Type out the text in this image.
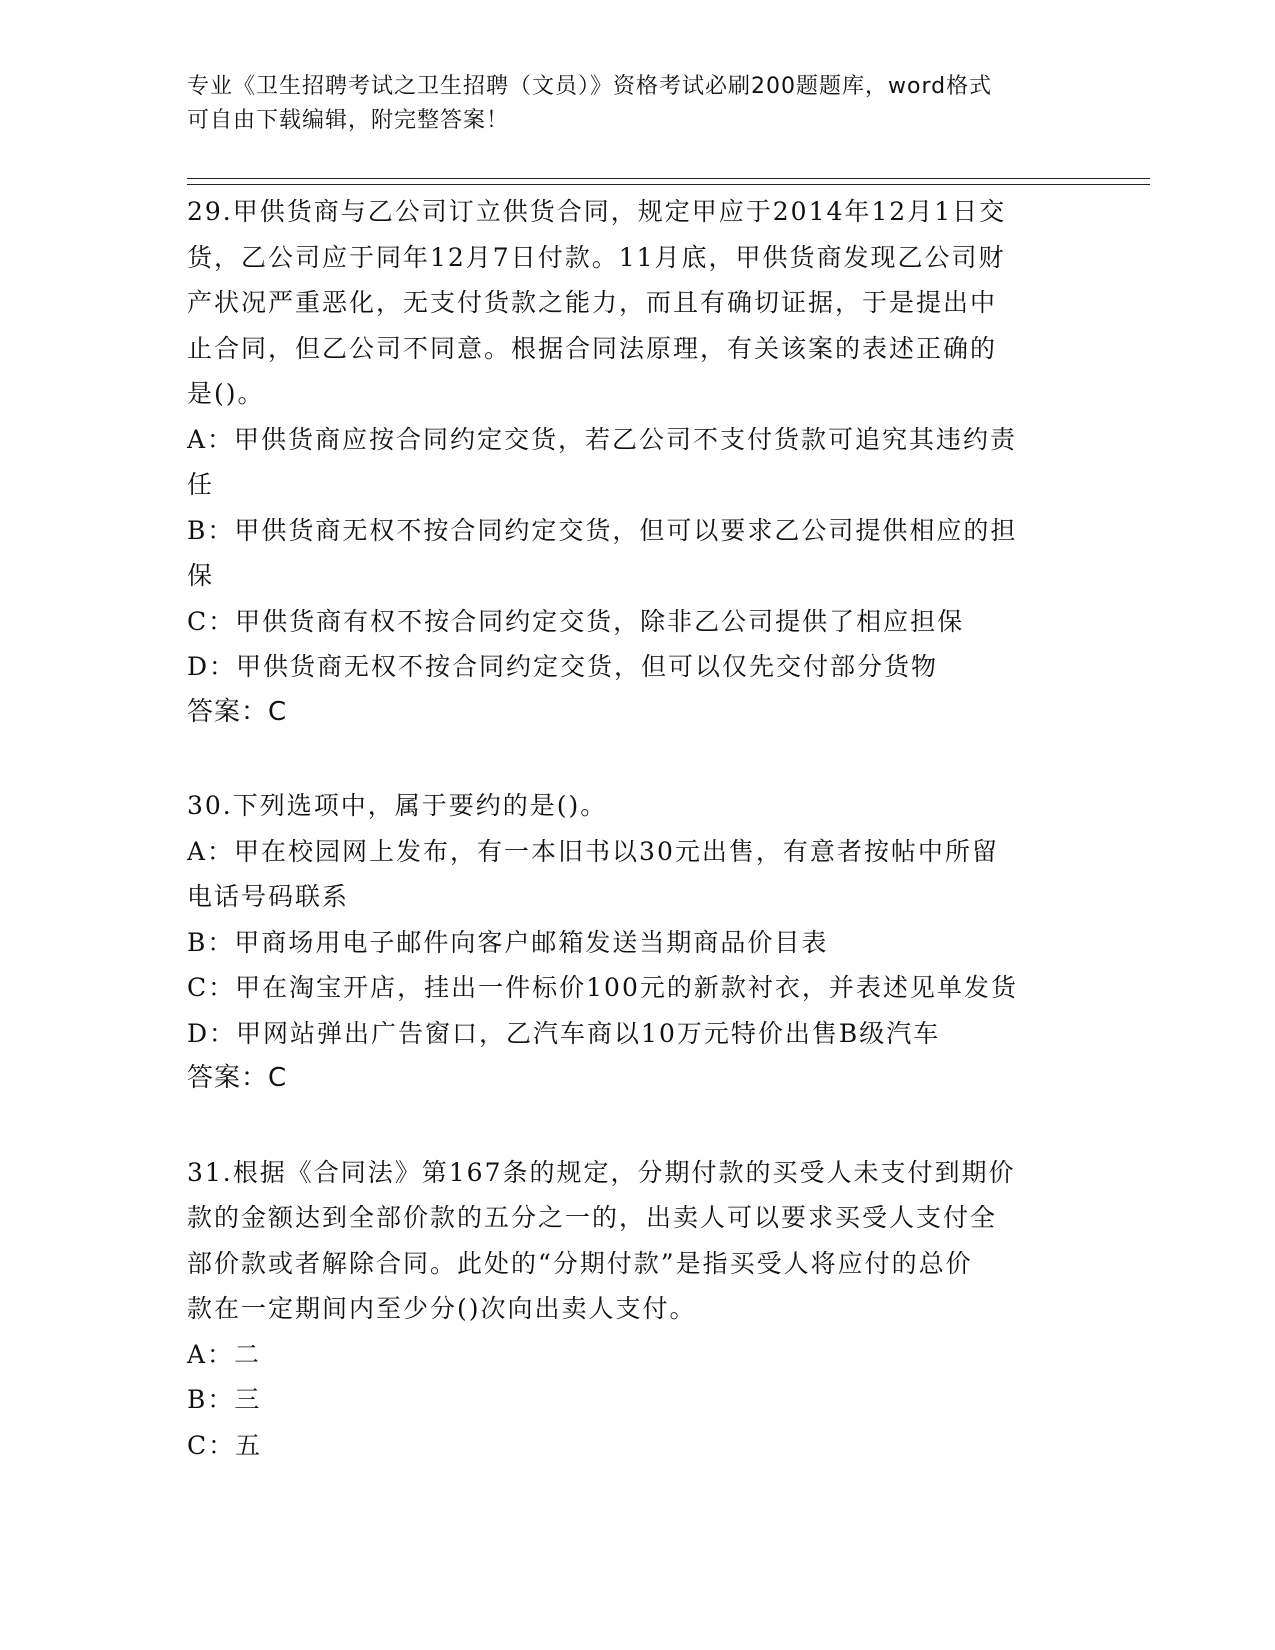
专业《卫生招聘考试之卫生招聘（文员）》资格考试必刷200题题库，word格式
可自由下载编辑，附完整答案！
29.甲供货商与乙公司订立供货合同，规定甲应于2014年12月1日交
货，乙公司应于同年12月7日付款。11月底，甲供货商发现乙公司财
产状况严重恶化，无支付货款之能力，而且有确切证据，于是提出中
止合同，但乙公司不同意。根据合同法原理，有关该案的表述正确的
是()。
A：甲供货商应按合同约定交货，若乙公司不支付货款可追究其违约责
任
B：甲供货商无权不按合同约定交货，但可以要求乙公司提供相应的担
保
C：甲供货商有权不按合同约定交货，除非乙公司提供了相应担保
D：甲供货商无权不按合同约定交货，但可以仅先交付部分货物
答案：C
30.下列选项中，属于要约的是()。
A：甲在校园网上发布，有一本旧书以30元出售，有意者按帖中所留
电话号码联系
B：甲商场用电子邮件向客户邮箱发送当期商品价目表
C：甲在淘宝开店，挂出一件标价100元的新款衬衣，并表述见单发货
D：甲网站弹出广告窗口，乙汽车商以10万元特价出售B级汽车
答案：C
31.根据《合同法》第167条的规定，分期付款的买受人未支付到期价
款的金额达到全部价款的五分之一的，出卖人可以要求买受人支付全
部价款或者解除合同。此处的“分期付款”是指买受人将应付的总价
款在一定期间内至少分()次向出卖人支付。
A：二
B：三
C：五
